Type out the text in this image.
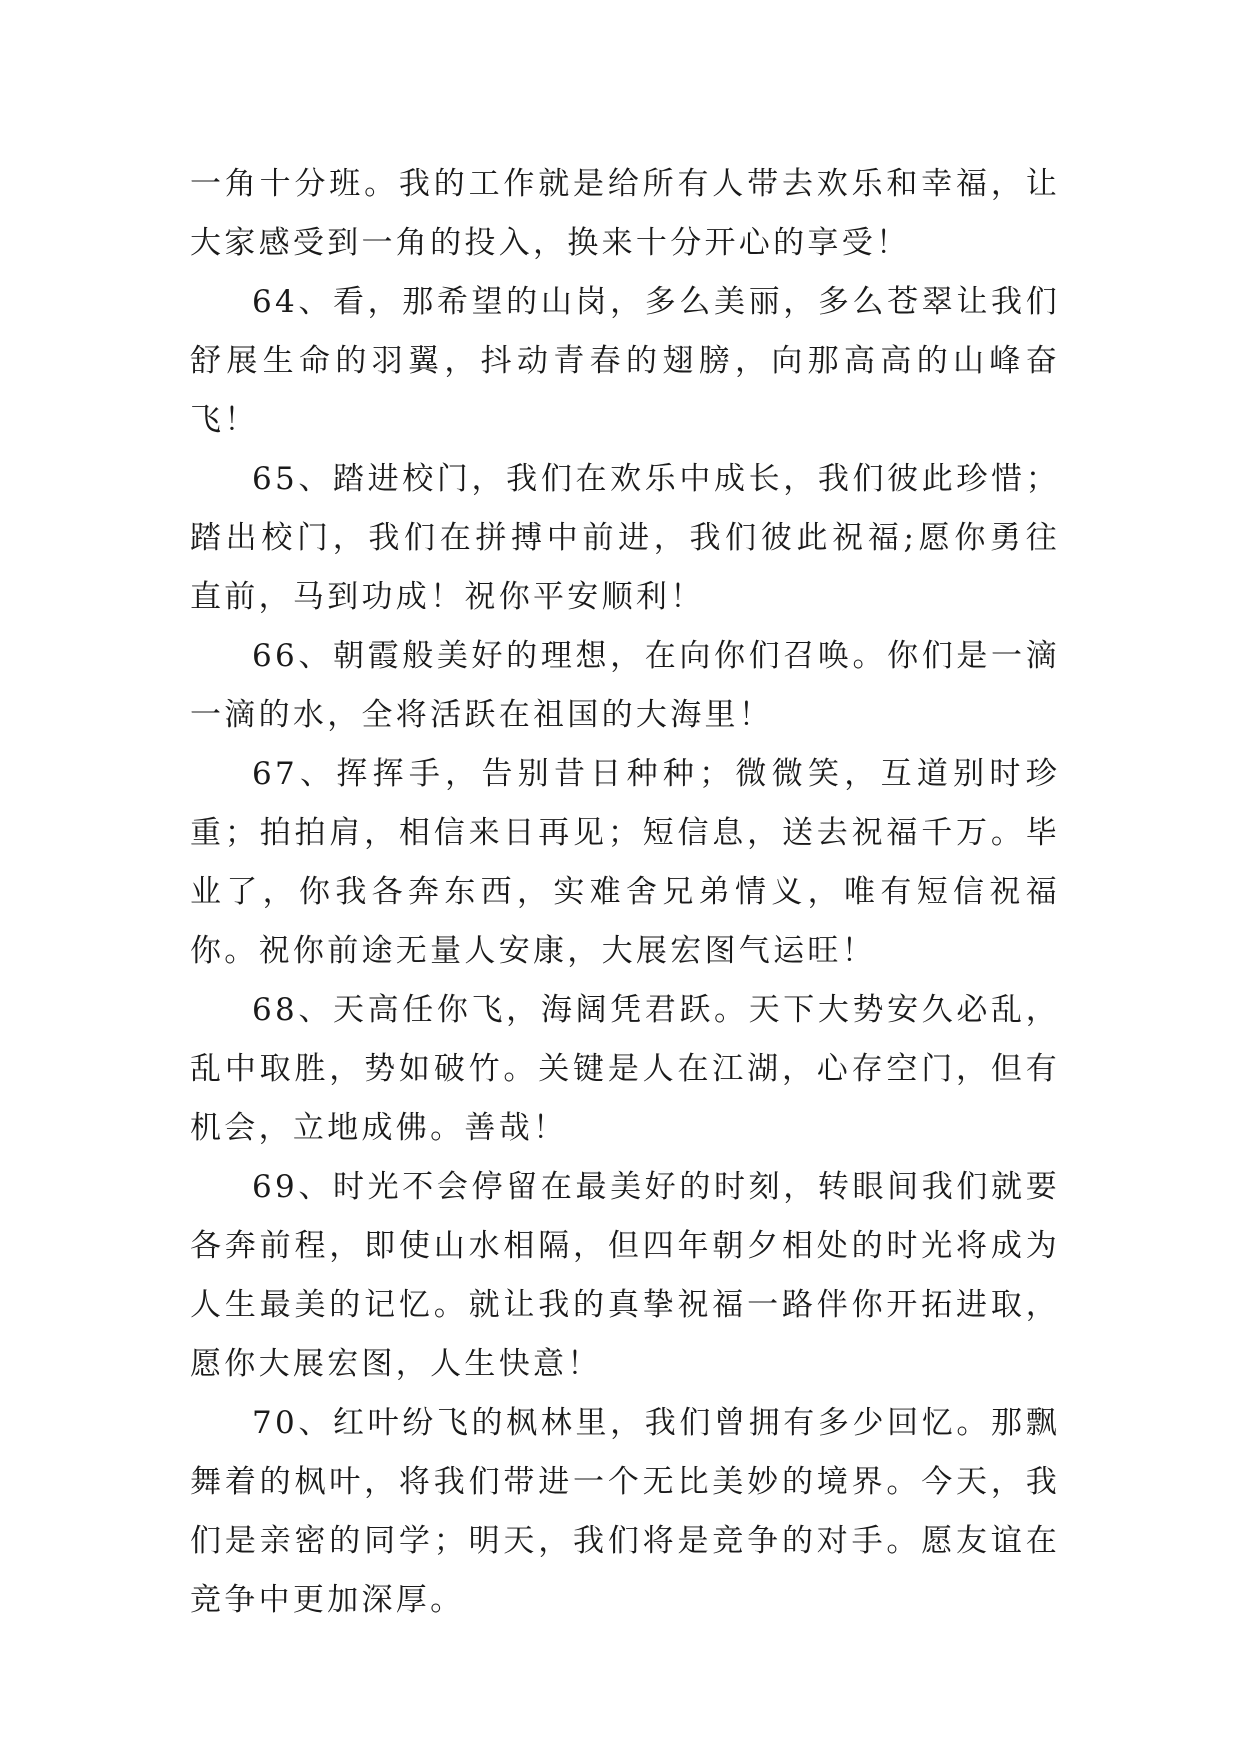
一角十分班。我的工作就是给所有人带去欢乐和幸福，让大家感受到一角的投入，换来十分开心的享受！

64、看，那希望的山岗，多么美丽，多么苍翠让我们舒展生命的羽翼，抖动青春的翅膀，向那高高的山峰奋飞！

65、踏进校门，我们在欢乐中成长，我们彼此珍惜；踏出校门，我们在拼搏中前进，我们彼此祝福;愿你勇往直前，马到功成！祝你平安顺利！

66、朝霞般美好的理想，在向你们召唤。你们是一滴一滴的水，全将活跃在祖国的大海里！

67、挥挥手，告别昔日种种；微微笑，互道别时珍重；拍拍肩，相信来日再见；短信息，送去祝福千万。毕业了，你我各奔东西，实难舍兄弟情义，唯有短信祝福你。祝你前途无量人安康，大展宏图气运旺！

68、天高任你飞，海阔凭君跃。天下大势安久必乱，乱中取胜，势如破竹。关键是人在江湖，心存空门，但有机会，立地成佛。善哉！

69、时光不会停留在最美好的时刻，转眼间我们就要各奔前程，即使山水相隔，但四年朝夕相处的时光将成为人生最美的记忆。就让我的真挚祝福一路伴你开拓进取，愿你大展宏图，人生快意！

70、红叶纷飞的枫林里，我们曾拥有多少回忆。那飘舞着的枫叶，将我们带进一个无比美妙的境界。今天，我们是亲密的同学；明天，我们将是竞争的对手。愿友谊在竞争中更加深厚。
